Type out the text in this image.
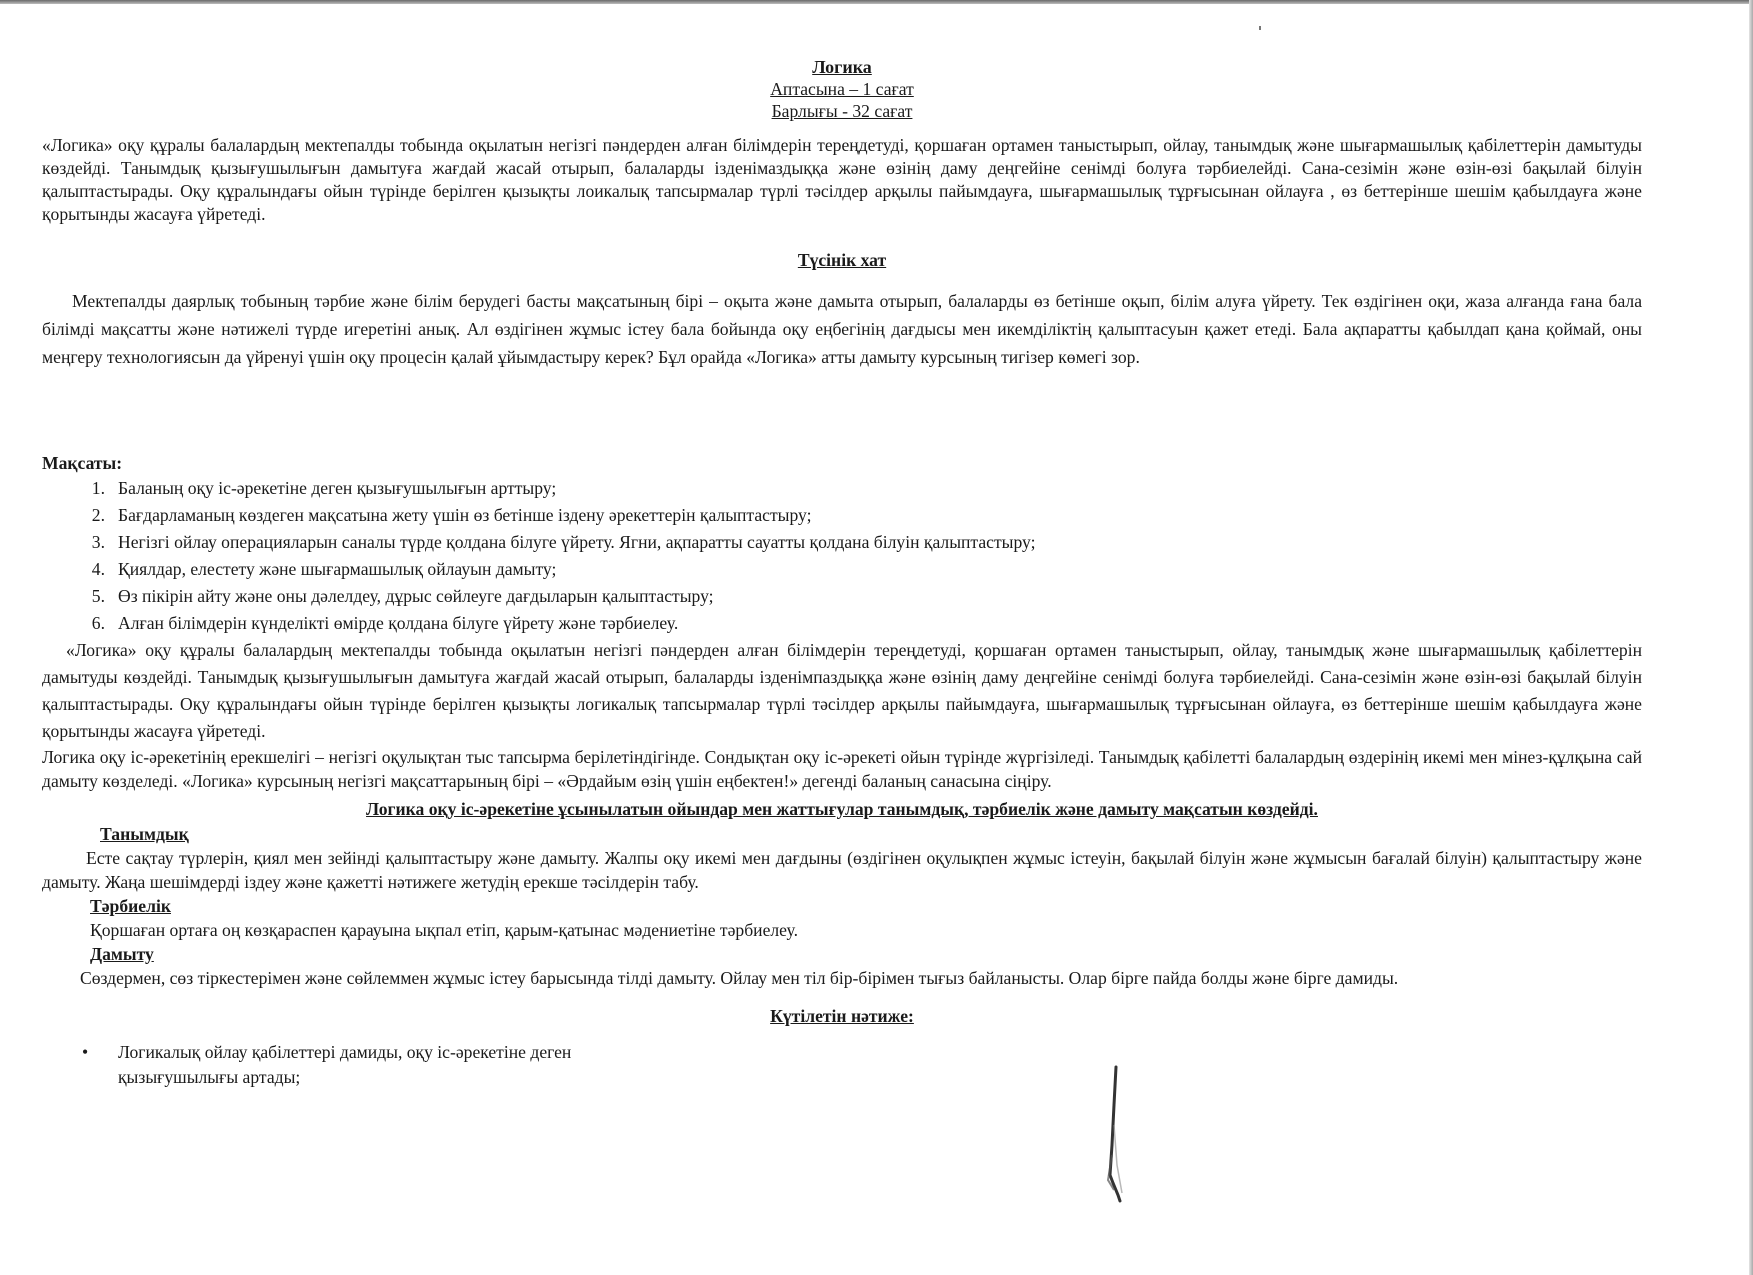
Логика

Аптасына – 1 сағат

Барлығы - 32 сағат

«Логика» оқу құралы балалардың мектепалды тобында оқылатын негізгі пәндерден алған білімдерін тереңдетуді, қоршаған ортамен таныстырып, ойлау, танымдық және шығармашылық қабілеттерін дамытуды көздейді. Танымдық қызығушылығын дамытуға жағдай жасай отырып, балаларды ізденімаздыққа және өзінің даму деңгейіне сенімді болуға тәрбиелейді. Сана-сезімін және өзін-өзі бақылай білуін қалыптастырады. Оқу құралындағы ойын түрінде берілген қызықты лоикалық тапсырмалар түрлі тәсілдер арқылы пайымдауға, шығармашылық тұрғысынан ойлауға , өз беттерінше шешім қабылдауға және қорытынды жасауға үйретеді.

Түсінік хат

Мектепалды даярлық тобының тәрбие және білім берудегі басты мақсатының бірі – оқыта және дамыта отырып, балаларды өз бетінше оқып, білім алуға үйрету. Тек өздігінен оқи, жаза алғанда ғана бала білімді мақсатты және нәтижелі түрде игеретіні анық. Ал өздігінен жұмыс істеу бала бойында оқу еңбегінің дағдысы мен икемділіктің қалыптасуын қажет етеді. Бала ақпаратты қабылдап қана қоймай, оны меңгеру технологиясын да үйренуі үшін оқу процесін қалай ұйымдастыру керек? Бұл орайда «Логика» атты дамыту курсының тигізер көмегі зор.

Мақсаты:

1. Баланың оқу іс-әрекетіне деген қызығушылығын арттыру;
2. Бағдарламаның көздеген мақсатына жету үшін өз бетінше іздену әрекеттерін қалыптастыру;
3. Негізгі ойлау операцияларын саналы түрде қолдана білуге үйрету. Ягни, ақпаратты сауатты қолдана білуін қалыптастыру;
4. Қиялдар, елестету және шығармашылық ойлауын дамыту;
5. Өз пікірін айту және оны дәлелдеу, дұрыс сөйлеуге дағдыларын қалыптастыру;
6. Алған білімдерін күнделікті өмірде қолдана білуге үйрету және тәрбиелеу.

«Логика» оқу құралы балалардың мектепалды тобында оқылатын негізгі пәндерден алған білімдерін тереңдетуді, қоршаған ортамен таныстырып, ойлау, танымдық және шығармашылық қабілеттерін дамытуды көздейді. Танымдық қызығушылығын дамытуға жағдай жасай отырып, балаларды ізденімпаздыққа және өзінің даму деңгейіне сенімді болуға тәрбиелейді. Сана-сезімін және өзін-өзі бақылай білуін қалыптастырады. Оқу құралындағы ойын түрінде берілген қызықты логикалық тапсырмалар түрлі тәсілдер арқылы пайымдауға, шығармашылық тұрғысынан ойлауға, өз беттерінше шешім қабылдауға және қорытынды жасауға үйретеді.

Логика оқу іс-әрекетінің ерекшелігі – негізгі оқулықтан тыс тапсырма берілетіндігінде. Сондықтан оқу іс-әрекеті ойын түрінде жүргізіледі. Танымдық қабілетті балалардың өздерінің икемі мен мінез-құлқына сай дамыту көзделеді. «Логика» курсының негізгі мақсаттарының бірі – «Әрдайым өзің үшін еңбектен!» дегенді баланың санасына сіңіру.

Логика оқу іс-әрекетіне ұсынылатын ойындар мен жаттығулар танымдық, тәрбиелік және дамыту мақсатын көздейді.

Танымдық

Есте сақтау түрлерін, қиял мен зейінді қалыптастыру және дамыту. Жалпы оқу икемі мен дағдыны (өздігінен оқулықпен жұмыс істеуін, бақылай білуін және жұмысын бағалай білуін) қалыптастыру және дамыту. Жаңа шешімдерді іздеу және қажетті нәтижеге жетудің ерекше тәсілдерін табу.

Тәрбиелік

Қоршаған ортаға оң көзқараспен қарауына ықпал етіп, қарым-қатынас мәдениетіне тәрбиелеу.

Дамыту

Сөздермен, сөз тіркестерімен және сөйлеммен жұмыс істеу барысында тілді дамыту. Ойлау мен тіл бір-бірімен тығыз байланысты. Олар бірге пайда болды және бірге дамиды.

Күтілетін нәтиже:

•	Логикалық ойлау қабілеттері дамиды, оқу іс-әрекетіне деген қызығушылығы артады;
